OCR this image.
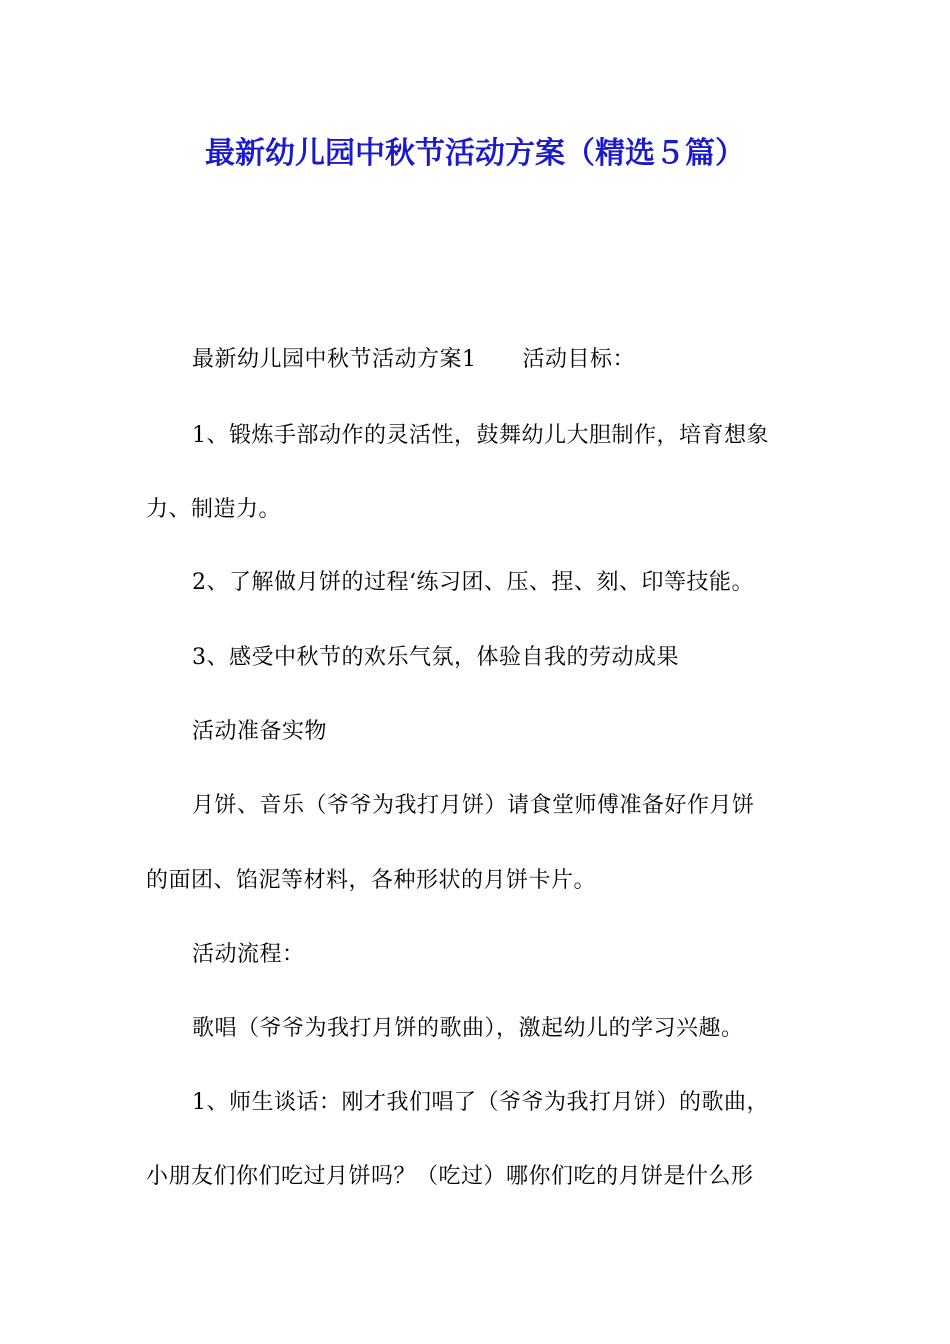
最新幼儿园中秋节活动方案（精选５篇）
最新幼儿园中秋节活动方案1 活动目标：
1、锻炼手部动作的灵活性，鼓舞幼儿大胆制作，培育想象
力、制造力。
2、了解做月饼的过程‘练习团、压、捏、刻、印等技能。
3、感受中秋节的欢乐气氛，体验自我的劳动成果
活动准备实物
月饼、音乐（爷爷为我打月饼）请食堂师傅准备好作月饼
的面团、馅泥等材料，各种形状的月饼卡片。
活动流程：
歌唱（爷爷为我打月饼的歌曲），激起幼儿的学习兴趣。
1、师生谈话：刚才我们唱了（爷爷为我打月饼）的歌曲，
小朋友们你们吃过月饼吗？（吃过）哪你们吃的月饼是什么形
